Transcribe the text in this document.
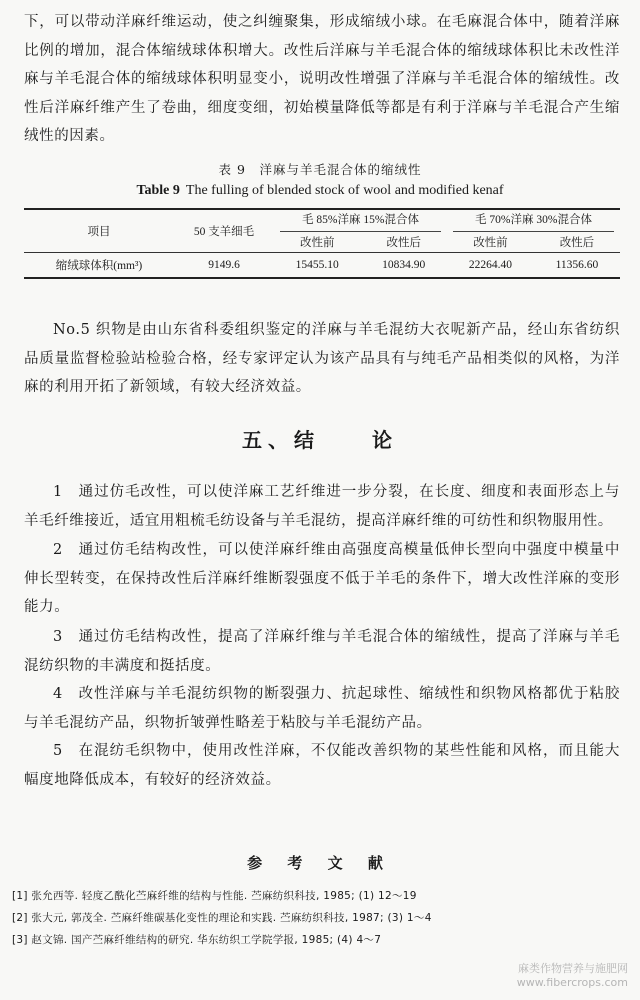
下，可以带动洋麻纤维运动，使之纠缠聚集，形成缩绒小球。在毛麻混合体中，随着洋麻比例的增加，混合体缩绒球体积增大。改性后洋麻与羊毛混合体的缩绒球体积比未改性洋麻与羊毛混合体的缩绒球体积明显变小，说明改性增强了洋麻与羊毛混合体的缩绒性。改性后洋麻纤维产生了卷曲，细度变细，初始模量降低等都是有利于洋麻与羊毛混合产生缩绒性的因素。

表 9　洋麻与羊毛混合体的缩绒性
Table 9 The fulling of blended stock of wool and modified kenaf
项目	50 支羊细毛	毛 85%洋麻 15%混合体		毛 70%洋麻 30%混合体	

		改性前	改性后	改性前	改性后
缩绒球体积(mm³)	9149.6	15455.10	10834.90	22264.40	11356.60

No.5 织物是由山东省科委组织鉴定的洋麻与羊毛混纺大衣呢新产品，经山东省纺织品质量监督检验站检验合格，经专家评定认为该产品具有与纯毛产品相类似的风格，为洋麻的利用开拓了新领域，有较大经济效益。

五、结　　论

1　通过仿毛改性，可以使洋麻工艺纤维进一步分裂，在长度、细度和表面形态上与羊毛纤维接近，适宜用粗梳毛纺设备与羊毛混纺，提高洋麻纤维的可纺性和织物服用性。

2　通过仿毛结构改性，可以使洋麻纤维由高强度高模量低伸长型向中强度中模量中伸长型转变，在保持改性后洋麻纤维断裂强度不低于羊毛的条件下，增大改性洋麻的变形能力。

3　通过仿毛结构改性，提高了洋麻纤维与羊毛混合体的缩绒性，提高了洋麻与羊毛混纺织物的丰满度和挺括度。

4　改性洋麻与羊毛混纺织物的断裂强力、抗起球性、缩绒性和织物风格都优于粘胶与羊毛混纺产品，织物折皱弹性略差于粘胶与羊毛混纺产品。

5　在混纺毛织物中，使用改性洋麻，不仅能改善织物的某些性能和风格，而且能大幅度地降低成本，有较好的经济效益。

参 考 文 献

[1] 张允西等. 轻度乙酰化苎麻纤维的结构与性能. 苎麻纺织科技, 1985; (1) 12～19

[2] 张大元, 郭茂全. 苎麻纤维碳基化变性的理论和实践. 苎麻纺织科技, 1987; (3) 1～4

[3] 赵文锦. 国产苎麻纤维结构的研究. 华东纺织工学院学报, 1985; (4) 4～7

麻类作物营养与施肥网
www.fibercrops.com
